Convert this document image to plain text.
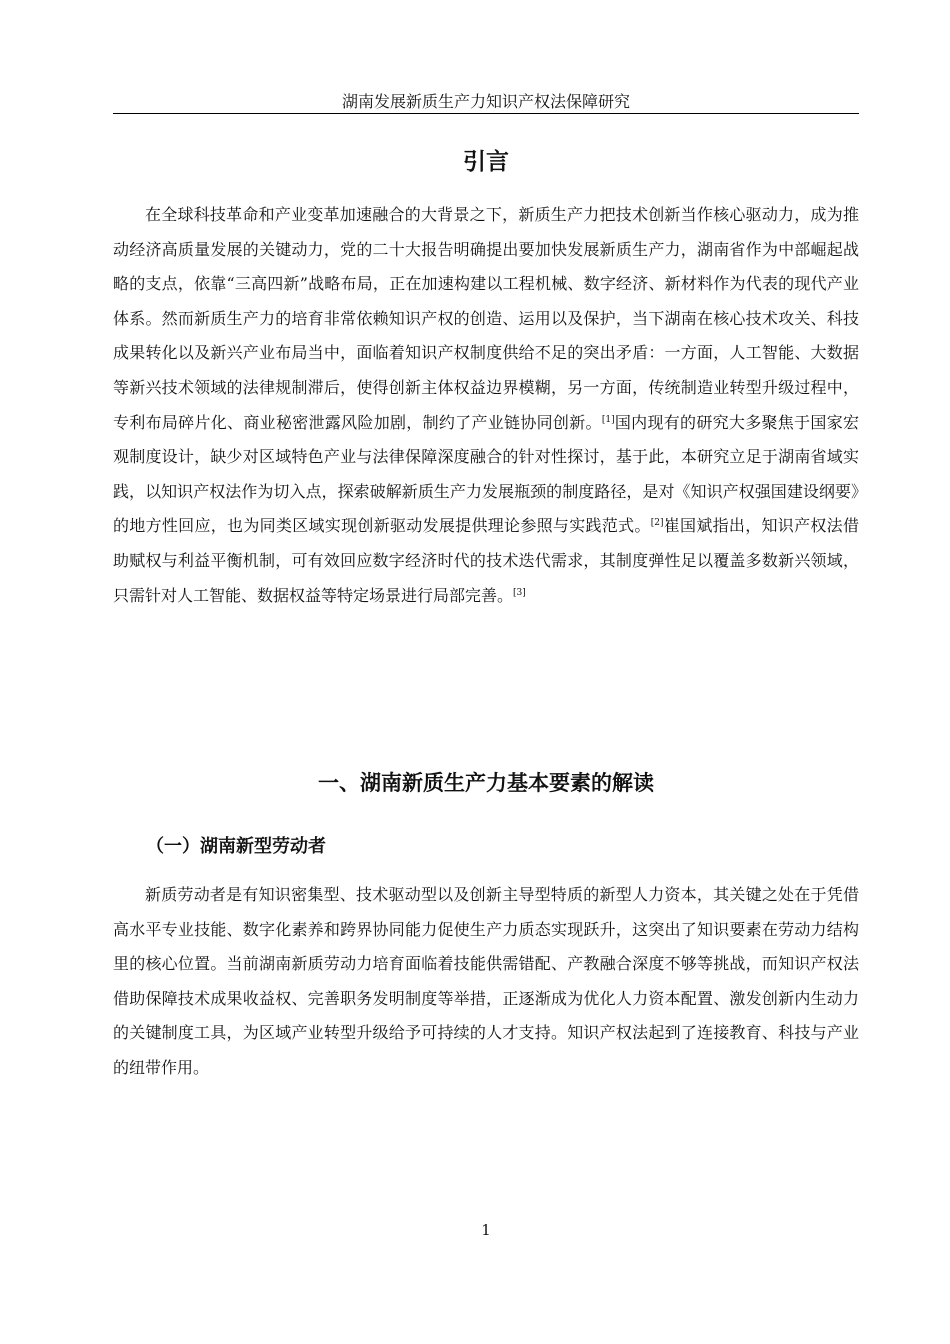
湖南发展新质生产力知识产权法保障研究
引言

在全球科技革命和产业变革加速融合的大背景之下，新质生产力把技术创新当作核心驱动力，成为推动经济高质量发展的关键动力，党的二十大报告明确提出要加快发展新质生产力，湖南省作为中部崛起战略的支点，依靠“三高四新”战略布局，正在加速构建以工程机械、数字经济、新材料作为代表的现代产业体系。然而新质生产力的培育非常依赖知识产权的创造、运用以及保护，当下湖南在核心技术攻关、科技成果转化以及新兴产业布局当中，面临着知识产权制度供给不足的突出矛盾：一方面，人工智能、大数据等新兴技术领域的法律规制滞后，使得创新主体权益边界模糊，另一方面，传统制造业转型升级过程中，专利布局碎片化、商业秘密泄露风险加剧，制约了产业链协同创新。[1]国内现有的研究大多聚焦于国家宏观制度设计，缺少对区域特色产业与法律保障深度融合的针对性探讨，基于此，本研究立足于湖南省域实践，以知识产权法作为切入点，探索破解新质生产力发展瓶颈的制度路径，是对《知识产权强国建设纲要》的地方性回应，也为同类区域实现创新驱动发展提供理论参照与实践范式。[2]崔国斌指出，知识产权法借助赋权与利益平衡机制，可有效回应数字经济时代的技术迭代需求，其制度弹性足以覆盖多数新兴领域，只需针对人工智能、数据权益等特定场景进行局部完善。[3]

一、湖南新质生产力基本要素的解读
（一）湖南新型劳动者

新质劳动者是有知识密集型、技术驱动型以及创新主导型特质的新型人力资本，其关键之处在于凭借高水平专业技能、数字化素养和跨界协同能力促使生产力质态实现跃升，这突出了知识要素在劳动力结构里的核心位置。当前湖南新质劳动力培育面临着技能供需错配、产教融合深度不够等挑战，而知识产权法借助保障技术成果收益权、完善职务发明制度等举措，正逐渐成为优化人力资本配置、激发创新内生动力的关键制度工具，为区域产业转型升级给予可持续的人才支持。知识产权法起到了连接教育、科技与产业的纽带作用。

1
